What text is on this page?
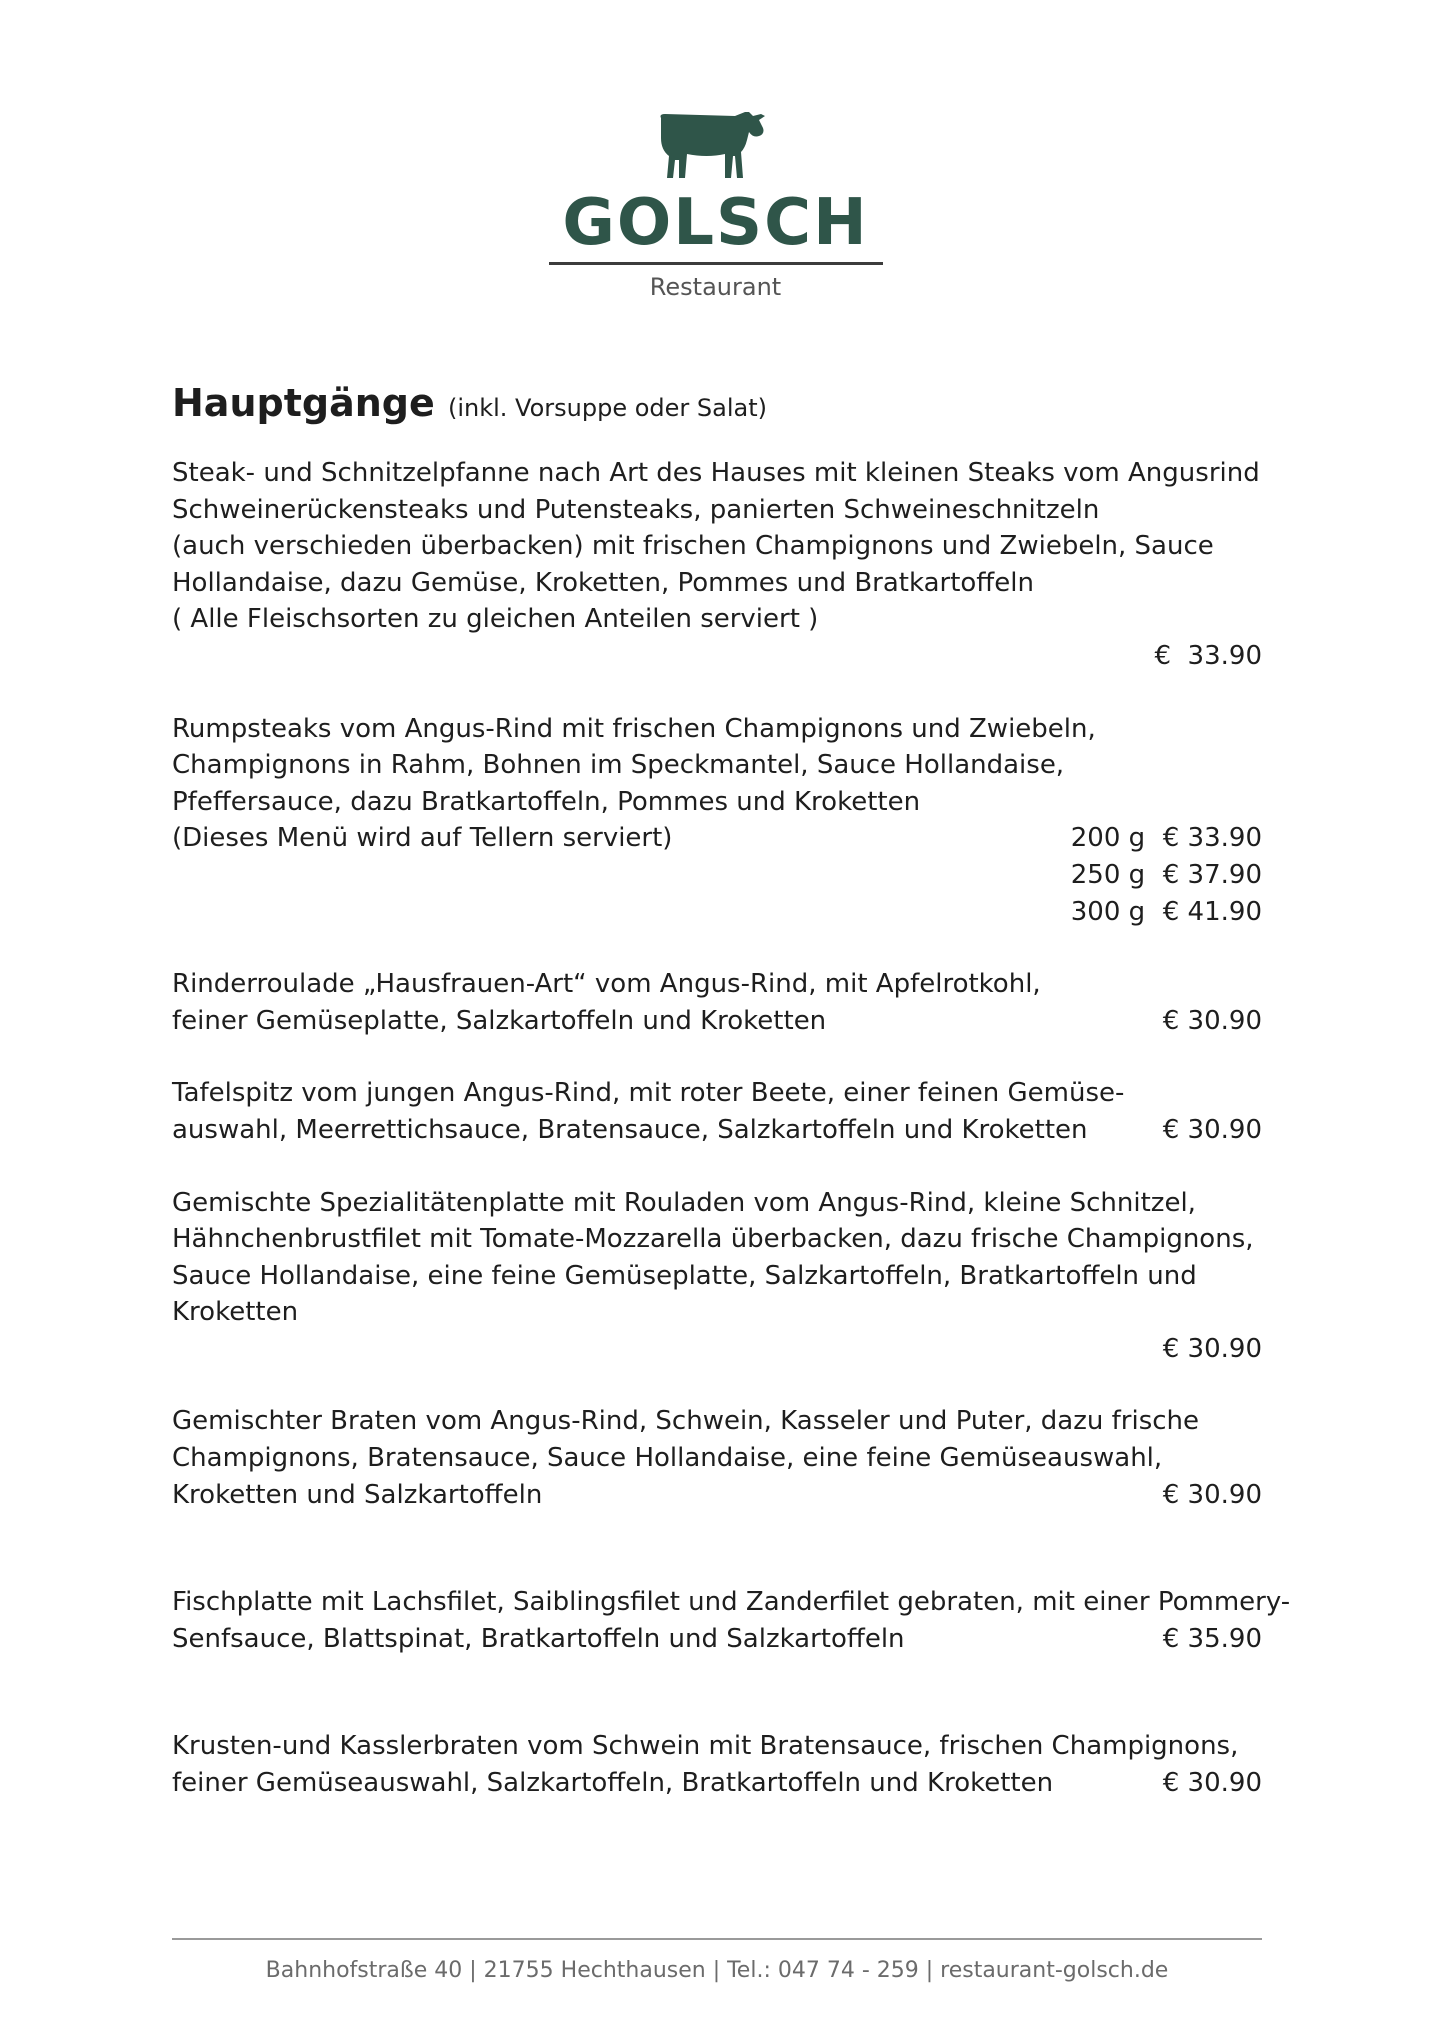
GOLSCH
Restaurant
Hauptgänge (inkl. Vorsuppe oder Salat)
Steak- und Schnitzelpfanne nach Art des Hauses mit kleinen Steaks vom Angusrind
Schweinerückensteaks und Putensteaks, panierten Schweineschnitzeln
(auch verschieden überbacken) mit frischen Champignons und Zwiebeln, Sauce
Hollandaise, dazu Gemüse, Kroketten, Pommes und Bratkartoffeln
( Alle Fleischsorten zu gleichen Anteilen serviert )
€  33.90
Rumpsteaks vom Angus-Rind mit frischen Champignons und Zwiebeln,
Champignons in Rahm, Bohnen im Speckmantel, Sauce Hollandaise,
Pfeffersauce, dazu Bratkartoffeln, Pommes und Kroketten
(Dieses Menü wird auf Tellern serviert)	200 g € 33.90
250 g € 37.90
300 g € 41.90
Rinderroulade „Hausfrauen-Art“ vom Angus-Rind, mit Apfelrotkohl,
feiner Gemüseplatte, Salzkartoffeln und Kroketten	€ 30.90
Tafelspitz vom jungen Angus-Rind, mit roter Beete, einer feinen Gemüse-
auswahl, Meerrettichsauce, Bratensauce, Salzkartoffeln und Kroketten	€ 30.90
Gemischte Spezialitätenplatte mit Rouladen vom Angus-Rind, kleine Schnitzel,
Hähnchenbrustfilet mit Tomate-Mozzarella überbacken, dazu frische Champignons,
Sauce Hollandaise, eine feine Gemüseplatte, Salzkartoffeln, Bratkartoffeln und
Kroketten
€ 30.90
Gemischter Braten vom Angus-Rind, Schwein, Kasseler und Puter, dazu frische
Champignons, Bratensauce, Sauce Hollandaise, eine feine Gemüseauswahl,
Kroketten und Salzkartoffeln	€ 30.90
Fischplatte mit Lachsfilet, Saiblingsfilet und Zanderfilet gebraten, mit einer Pommery-
Senfsauce, Blattspinat, Bratkartoffeln und Salzkartoffeln	€ 35.90
Krusten-und Kasslerbraten vom Schwein mit Bratensauce, frischen Champignons,
feiner Gemüseauswahl, Salzkartoffeln, Bratkartoffeln und Kroketten	€ 30.90
Bahnhofstraße 40 | 21755 Hechthausen | Tel.: 047 74 - 259 | restaurant-golsch.de
